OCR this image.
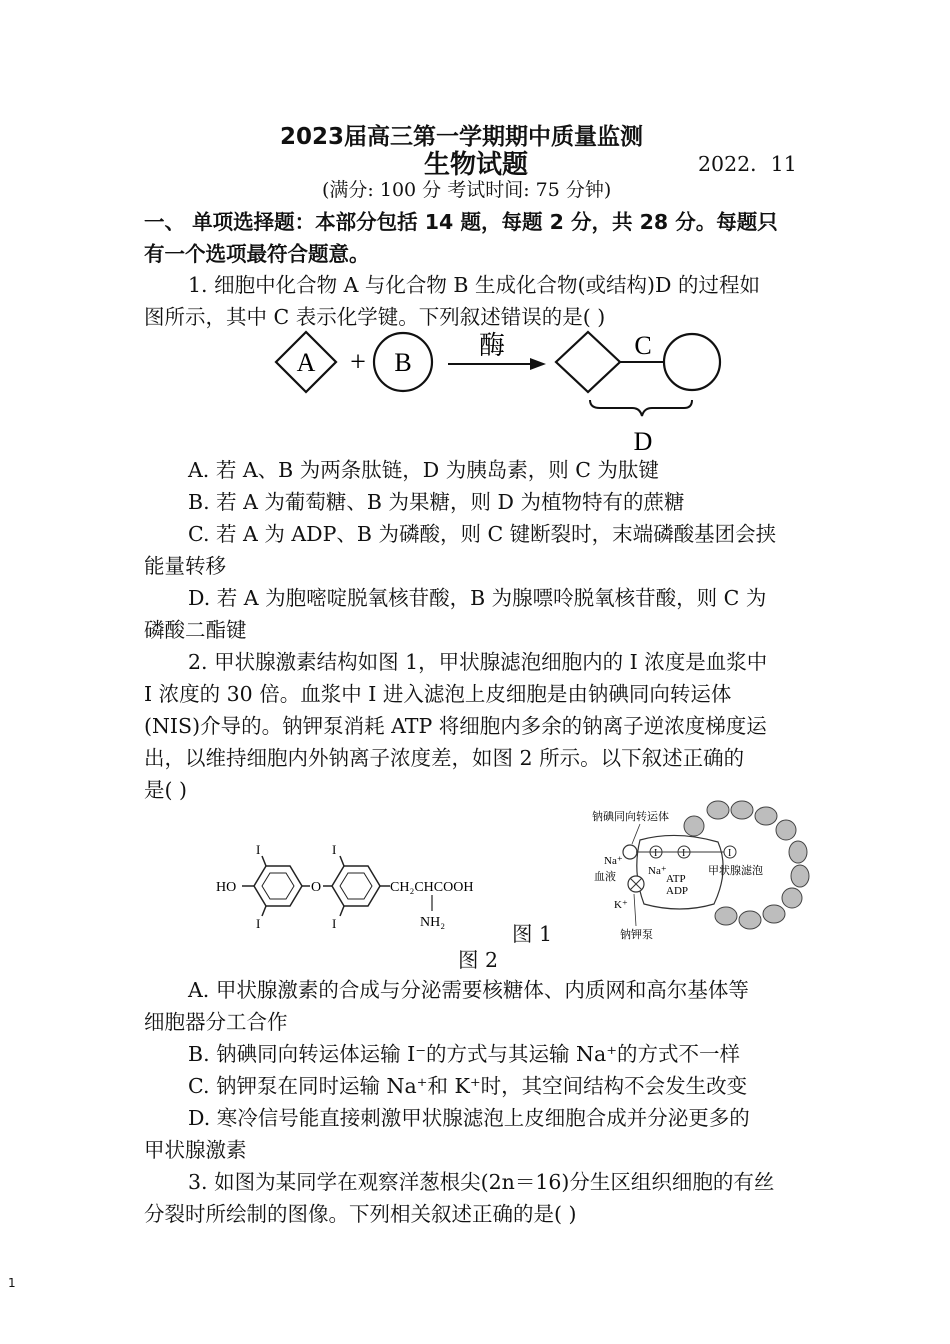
2023届高三第一学期期中质量监测
生物试题	2022．11
(满分: 100 分 考试时间: 75 分钟)
一、 单项选择题：本部分包括 14 题，每题 2 分，共 28 分。每题只
有一个选项最符合题意。
1. 细胞中化合物 A 与化合物 B 生成化合物(或结构)D 的过程如
图所示，其中 C 表示化学键。下列叙述错误的是( )
A + B
酶	C
D
A. 若 A、B 为两条肽链，D 为胰岛素，则 C 为肽键
B. 若 A 为葡萄糖、B 为果糖，则 D 为植物特有的蔗糖
C. 若 A 为 ADP、B 为磷酸，则 C 键断裂时，末端磷酸基团会挟
能量转移
D. 若 A 为胞嘧啶脱氧核苷酸，B 为腺嘌呤脱氧核苷酸，则 C 为
磷酸二酯键
2. 甲状腺激素结构如图 1，甲状腺滤泡细胞内的 I 浓度是血浆中
I 浓度的 30 倍。血浆中 I 进入滤泡上皮细胞是由钠碘同向转运体
(NIS)介导的。钠钾泵消耗 ATP 将细胞内多余的钠离子逆浓度梯度运
出，以维持细胞内外钠离子浓度差，如图 2 所示。以下叙述正确的
是( )
HO
I
I
O
I
I
CH₂CHCOOH
NH₂	图 1
图 2
钠碘同向转运体
I I	I
Na⁺
Na⁺
血液	ATP
ADP
K⁺
甲状腺滤泡
钠钾泵
A. 甲状腺激素的合成与分泌需要核糖体、内质网和高尔基体等
细胞器分工合作
B. 钠碘同向转运体运输 I⁻的方式与其运输 Na⁺的方式不一样
C. 钠钾泵在同时运输 Na⁺和 K⁺时，其空间结构不会发生改变
D. 寒冷信号能直接刺激甲状腺滤泡上皮细胞合成并分泌更多的
甲状腺激素
3. 如图为某同学在观察洋葱根尖(2n＝16)分生区组织细胞的有丝
分裂时所绘制的图像。下列相关叙述正确的是( )
1
